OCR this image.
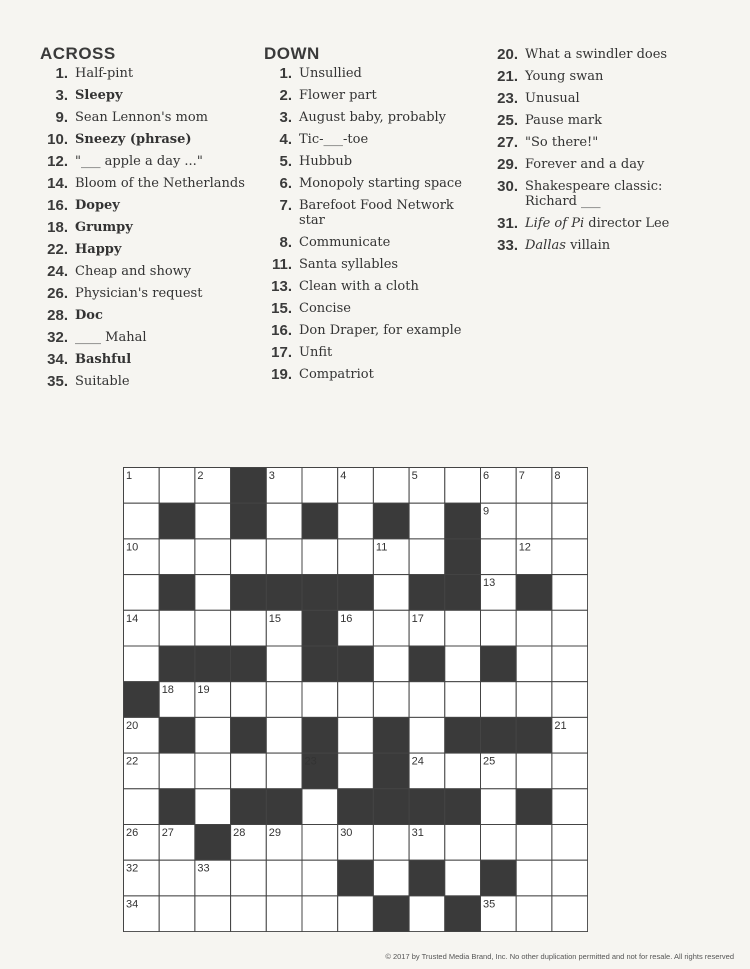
ACROSS
1. Half-pint
3. Sleepy
9. Sean Lennon's mom
10. Sneezy (phrase)
12. "___ apple a day ..."
14. Bloom of the Netherlands
16. Dopey
18. Grumpy
22. Happy
24. Cheap and showy
26. Physician's request
28. Doc
32. ____ Mahal
34. Bashful
35. Suitable
DOWN
1. Unsullied
2. Flower part
3. August baby, probably
4. Tic-___-toe
5. Hubbub
6. Monopoly starting space
7. Barefoot Food Network star
8. Communicate
11. Santa syllables
13. Clean with a cloth
15. Concise
16. Don Draper, for example
17. Unfit
19. Compatriot
20. What a swindler does
21. Young swan
23. Unusual
25. Pause mark
27. "So there!"
29. Forever and a day
30. Shakespeare classic: Richard ___
31. Life of Pi director Lee
33. Dallas villain
1	2	3	4	5	6	7	8
9
10	11	12
13
14	15	16	17
18 19
20	21
22	23	24	25
26 27	28 29	30	31
32	33
34	35
© 2017 by Trusted Media Brand, Inc. No other duplication permitted and not for resale. All rights reserved
